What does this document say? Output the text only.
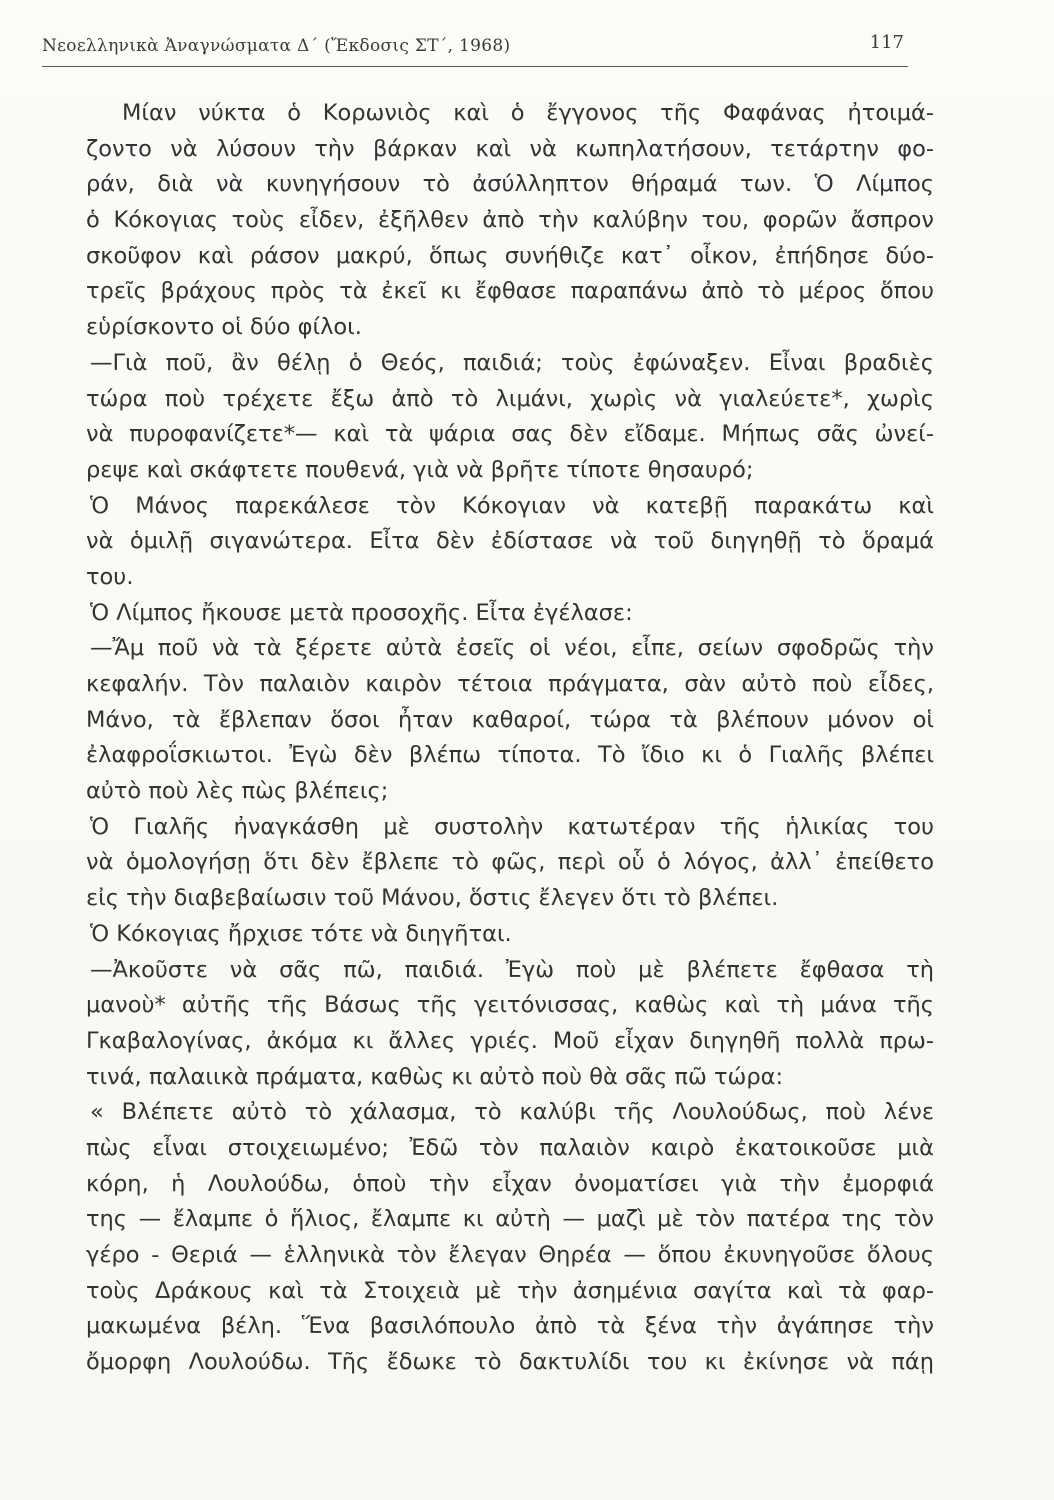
Νεοελληνικὰ Ἀναγνώσματα Δ´ (Ἔκδοσις ΣΤ´, 1968)	117
Μίαν νύκτα ὁ Κορωνιὸς καὶ ὁ ἔγγονος τῆς Φαφάνας ἠτοιμά-
ζοντο νὰ λύσουν τὴν βάρκαν καὶ νὰ κωπηλατήσουν, τετάρτην φο-
ράν, διὰ νὰ κυνηγήσουν τὸ ἀσύλληπτον θήραμά των. Ὁ Λίμπος
ὁ Κόκογιας τοὺς εἶδεν, ἐξῆλθεν ἀπὸ τὴν καλύβην του, φορῶν ἄσπρον
σκοῦφον καὶ ράσον μακρύ, ὅπως συνήθιζε κατ᾽ οἶκον, ἐπήδησε δύο-
τρεῖς βράχους πρὸς τὰ ἐκεῖ κι ἔφθασε παραπάνω ἀπὸ τὸ μέρος ὅπου
εὑρίσκοντο οἱ δύο φίλοι.
—Γιὰ ποῦ, ἂν θέλῃ ὁ Θεός, παιδιά; τοὺς ἐφώναξεν. Εἶναι βραδιὲς
τώρα ποὺ τρέχετε ἔξω ἀπὸ τὸ λιμάνι, χωρὶς νὰ γιαλεύετε*, χωρὶς
νὰ πυροφανίζετε*— καὶ τὰ ψάρια σας δὲν εἴδαμε. Μήπως σᾶς ὠνεί-
ρεψε καὶ σκάφτετε πουθενά, γιὰ νὰ βρῆτε τίποτε θησαυρό;
Ὁ Μάνος παρεκάλεσε τὸν Κόκογιαν νὰ κατεβῇ παρακάτω καὶ
νὰ ὁμιλῇ σιγανώτερα. Εἶτα δὲν ἐδίστασε νὰ τοῦ διηγηθῇ τὸ ὅραμά
του.
Ὁ Λίμπος ἤκουσε μετὰ προσοχῆς. Εἶτα ἐγέλασε:
—Ἄμ ποῦ νὰ τὰ ξέρετε αὐτὰ ἐσεῖς οἱ νέοι, εἶπε, σείων σφοδρῶς τὴν
κεφαλήν. Τὸν παλαιὸν καιρὸν τέτοια πράγματα, σὰν αὐτὸ ποὺ εἶδες,
Μάνο, τὰ ἔβλεπαν ὅσοι ἦταν καθαροί, τώρα τὰ βλέπουν μόνον οἱ
ἐλαφροΐσκιωτοι. Ἐγὼ δὲν βλέπω τίποτα. Τὸ ἴδιο κι ὁ Γιαλῆς βλέπει
αὐτὸ ποὺ λὲς πὼς βλέπεις;
Ὁ Γιαλῆς ἠναγκάσθη μὲ συστολὴν κατωτέραν τῆς ἡλικίας του
νὰ ὁμολογήσῃ ὅτι δὲν ἔβλεπε τὸ φῶς, περὶ οὗ ὁ λόγος, ἀλλ᾽ ἐπείθετο
εἰς τὴν διαβεβαίωσιν τοῦ Μάνου, ὅστις ἔλεγεν ὅτι τὸ βλέπει.
Ὁ Κόκογιας ἤρχισε τότε νὰ διηγῆται.
—Ἀκοῦστε νὰ σᾶς πῶ, παιδιά. Ἐγὼ ποὺ μὲ βλέπετε ἔφθασα τὴ
μανοὺ* αὐτῆς τῆς Βάσως τῆς γειτόνισσας, καθὼς καὶ τὴ μάνα τῆς
Γκαβαλογίνας, ἀκόμα κι ἄλλες γριές. Μοῦ εἶχαν διηγηθῆ πολλὰ πρω-
τινά, παλαιικὰ πράματα, καθὼς κι αὐτὸ ποὺ θὰ σᾶς πῶ τώρα:
« Βλέπετε αὐτὸ τὸ χάλασμα, τὸ καλύβι τῆς Λουλούδως, ποὺ λένε
πὼς εἶναι στοιχειωμένο; Ἐδῶ τὸν παλαιὸν καιρὸ ἐκατοικοῦσε μιὰ
κόρη, ἡ Λουλούδω, ὁποὺ τὴν εἶχαν ὀνοματίσει γιὰ τὴν ἐμορφιά
της — ἔλαμπε ὁ ἥλιος, ἔλαμπε κι αὐτὴ — μαζὶ μὲ τὸν πατέρα της τὸν
γέρο - Θεριά — ἑλληνικὰ τὸν ἔλεγαν Θηρέα — ὅπου ἐκυνηγοῦσε ὅλους
τοὺς Δράκους καὶ τὰ Στοιχειὰ μὲ τὴν ἀσημένια σαγίτα καὶ τὰ φαρ-
μακωμένα βέλη. Ἕνα βασιλόπουλο ἀπὸ τὰ ξένα τὴν ἀγάπησε τὴν
ὄμορφη Λουλούδω. Τῆς ἔδωκε τὸ δακτυλίδι του κι ἐκίνησε νὰ πάῃ
